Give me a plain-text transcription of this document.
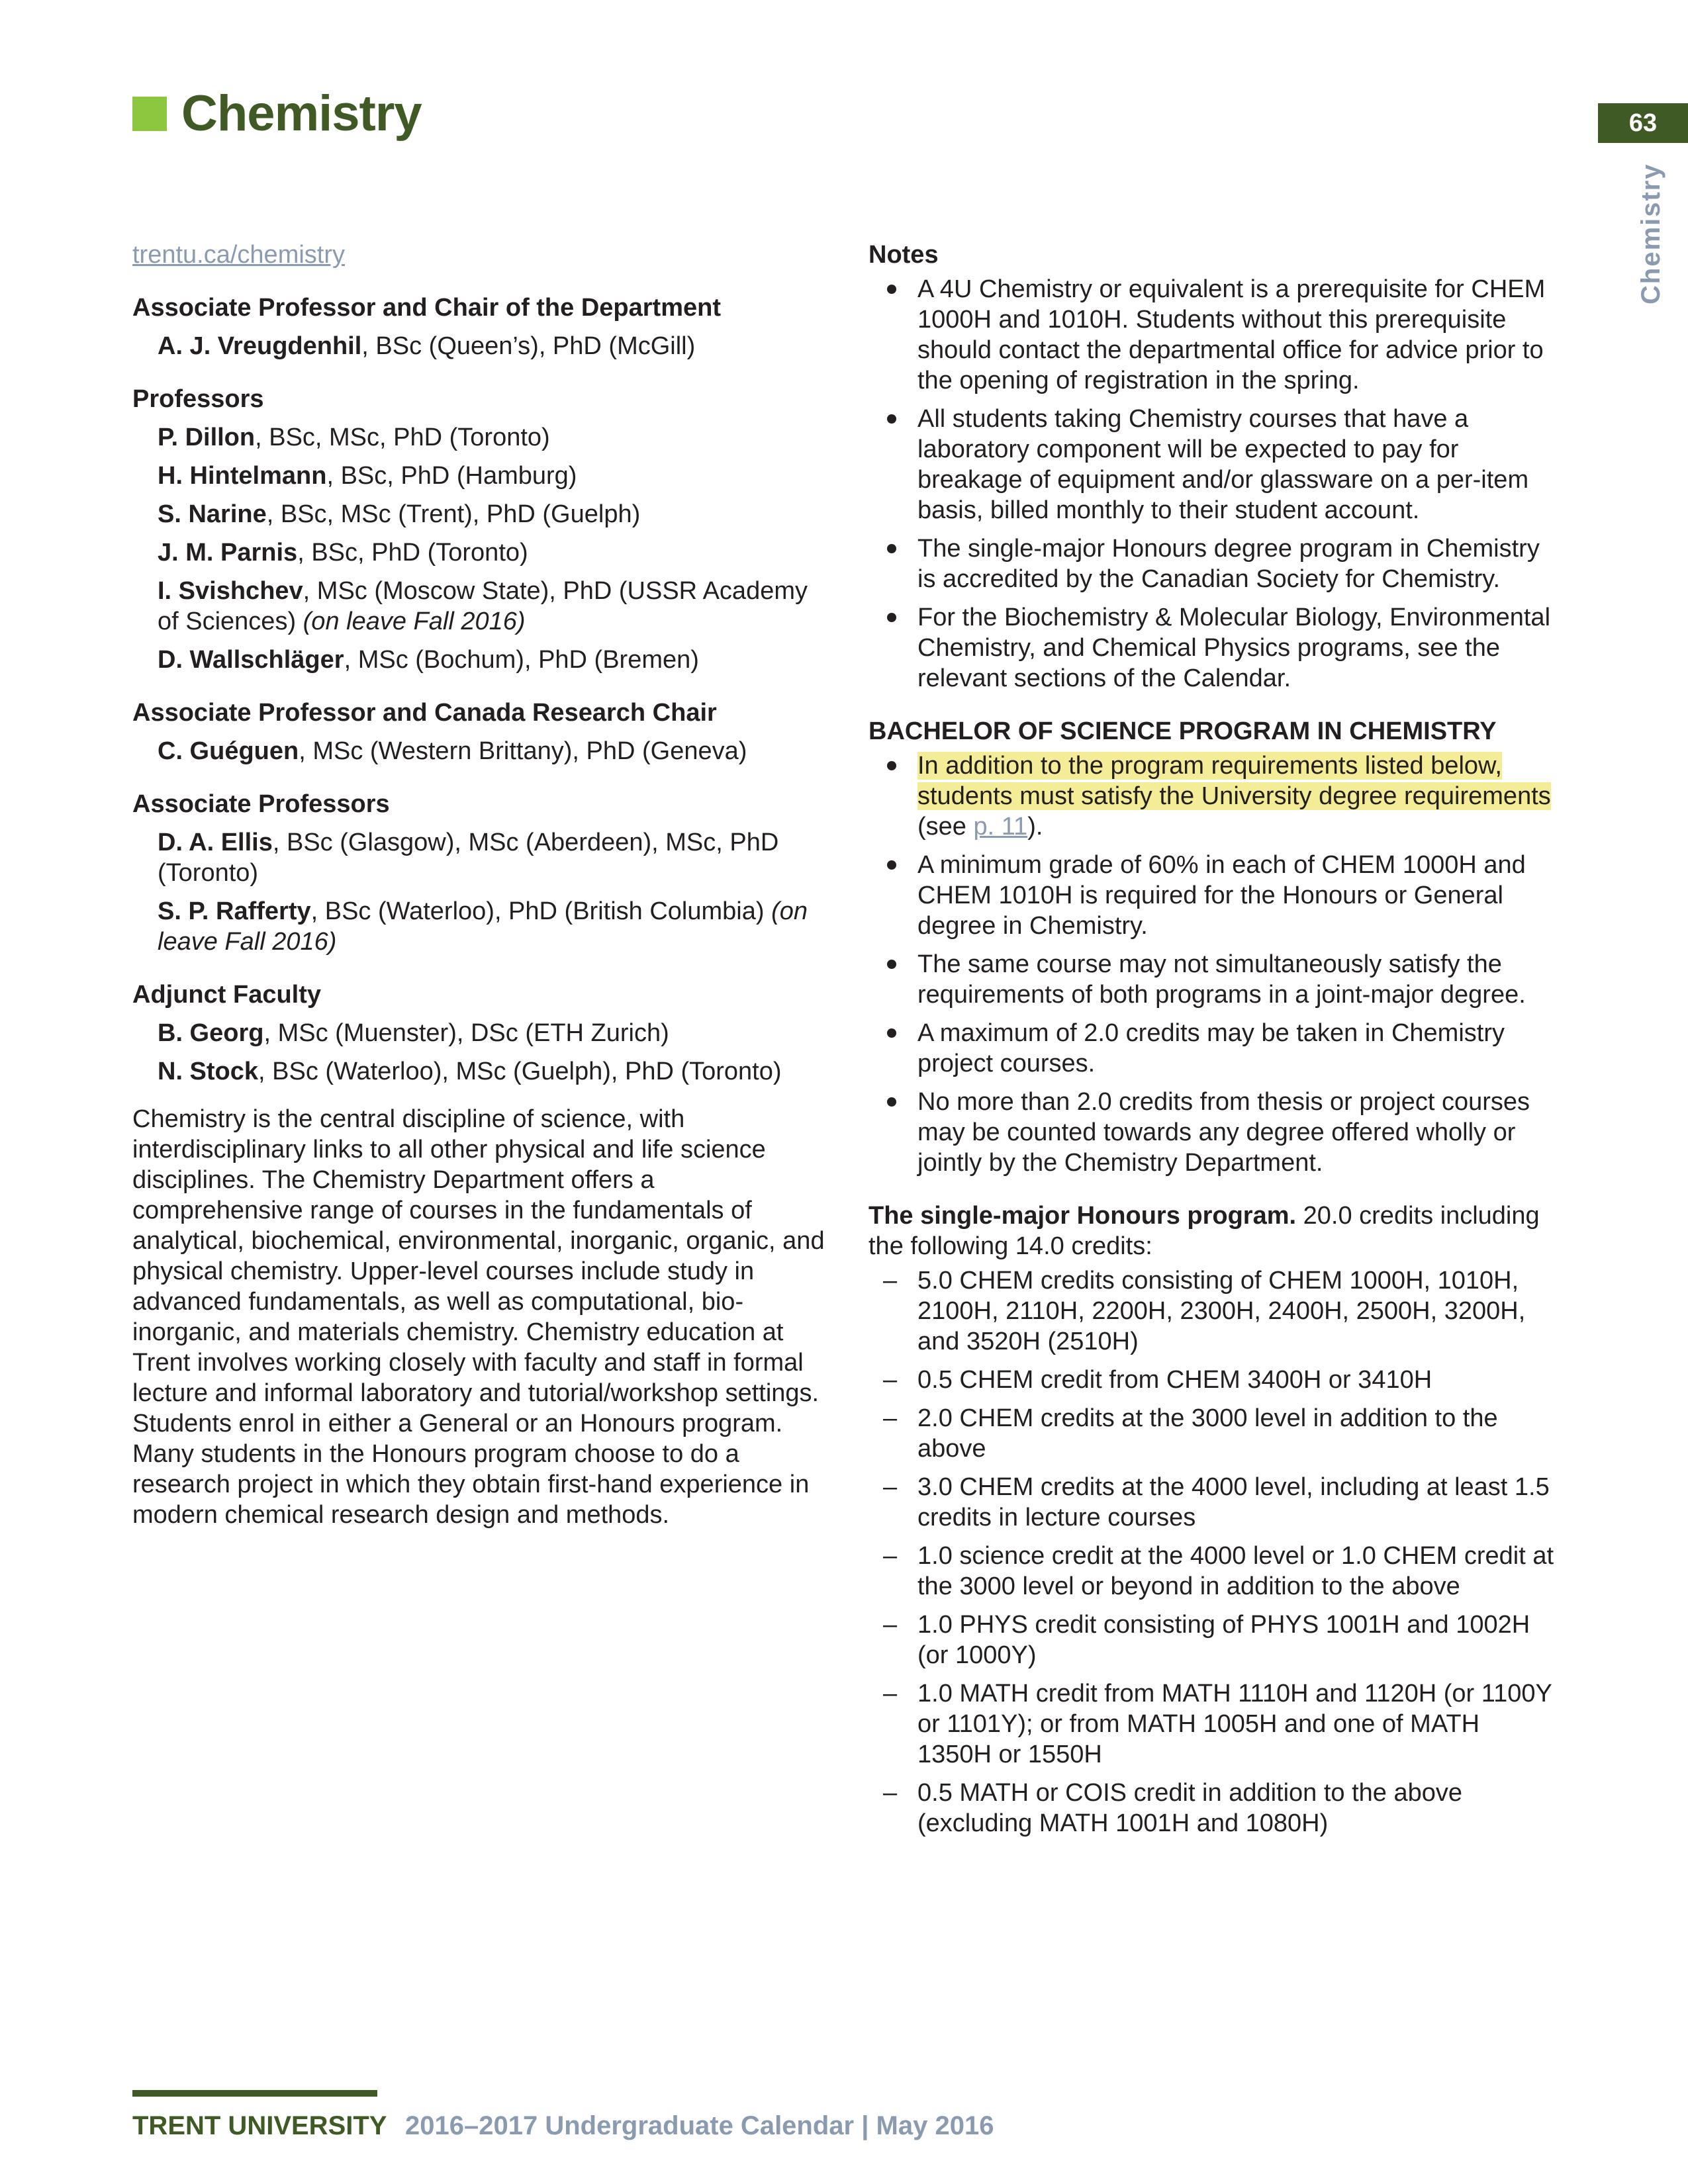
Chemistry	63
Chemistry
trentu.ca/chemistry

Associate Professor and Chair of the Department

A. J. Vreugdenhil, BSc (Queen’s), PhD (McGill)

Professors

P. Dillon, BSc, MSc, PhD (Toronto)
H. Hintelmann, BSc, PhD (Hamburg)
S. Narine, BSc, MSc (Trent), PhD (Guelph)
J. M. Parnis, BSc, PhD (Toronto)
I. Svishchev, MSc (Moscow State), PhD (USSR Academy of Sciences) (on leave Fall 2016)
D. Wallschläger, MSc (Bochum), PhD (Bremen)

Associate Professor and Canada Research Chair

C. Guéguen, MSc (Western Brittany), PhD (Geneva)

Associate Professors

D. A. Ellis, BSc (Glasgow), MSc (Aberdeen), MSc, PhD (Toronto)
S. P. Rafferty, BSc (Waterloo), PhD (British Columbia) (on leave Fall 2016)

Adjunct Faculty

B. Georg, MSc (Muenster), DSc (ETH Zurich)
N. Stock, BSc (Waterloo), MSc (Guelph), PhD (Toronto)

Chemistry is the central discipline of science, with interdisciplinary links to all other physical and life science disciplines. The Chemistry Department offers a comprehensive range of courses in the fundamentals of analytical, biochemical, environmental, inorganic, organic, and physical chemistry. Upper-level courses include study in advanced fundamentals, as well as computational, bio-inorganic, and materials chemistry. Chemistry education at Trent involves working closely with faculty and staff in formal lecture and informal laboratory and tutorial/workshop settings. Students enrol in either a General or an Honours program. Many students in the Honours program choose to do a research project in which they obtain first-hand experience in modern chemical research design and methods.

Notes

A 4U Chemistry or equivalent is a prerequisite for CHEM 1000H and 1010H. Students without this prerequisite should contact the departmental office for advice prior to the opening of registration in the spring.
All students taking Chemistry courses that have a laboratory component will be expected to pay for breakage of equipment and/or glassware on a per-item basis, billed monthly to their student account.
The single-major Honours degree program in Chemistry is accredited by the Canadian Society for Chemistry.
For the Biochemistry & Molecular Biology, Environmental Chemistry, and Chemical Physics programs, see the relevant sections of the Calendar.

BACHELOR OF SCIENCE PROGRAM IN CHEMISTRY

In addition to the program requirements listed below, students must satisfy the University degree requirements (see p. 11).
A minimum grade of 60% in each of CHEM 1000H and CHEM 1010H is required for the Honours or General degree in Chemistry.
The same course may not simultaneously satisfy the requirements of both programs in a joint-major degree.
A maximum of 2.0 credits may be taken in Chemistry project courses.
No more than 2.0 credits from thesis or project courses may be counted towards any degree offered wholly or jointly by the Chemistry Department.

The single-major Honours program. 20.0 credits including the following 14.0 credits:

– 5.0 CHEM credits consisting of CHEM 1000H, 1010H, 2100H, 2110H, 2200H, 2300H, 2400H, 2500H, 3200H, and 3520H (2510H)
– 0.5 CHEM credit from CHEM 3400H or 3410H
– 2.0 CHEM credits at the 3000 level in addition to the above
– 3.0 CHEM credits at the 4000 level, including at least 1.5 credits in lecture courses
– 1.0 science credit at the 4000 level or 1.0 CHEM credit at the 3000 level or beyond in addition to the above
– 1.0 PHYS credit consisting of PHYS 1001H and 1002H (or 1000Y)
– 1.0 MATH credit from MATH 1110H and 1120H (or 1100Y or 1101Y); or from MATH 1005H and one of MATH 1350H or 1550H
– 0.5 MATH or COIS credit in addition to the above (excluding MATH 1001H and 1080H)
TRENT UNIVERSITY 2016–2017 Undergraduate Calendar | May 2016
